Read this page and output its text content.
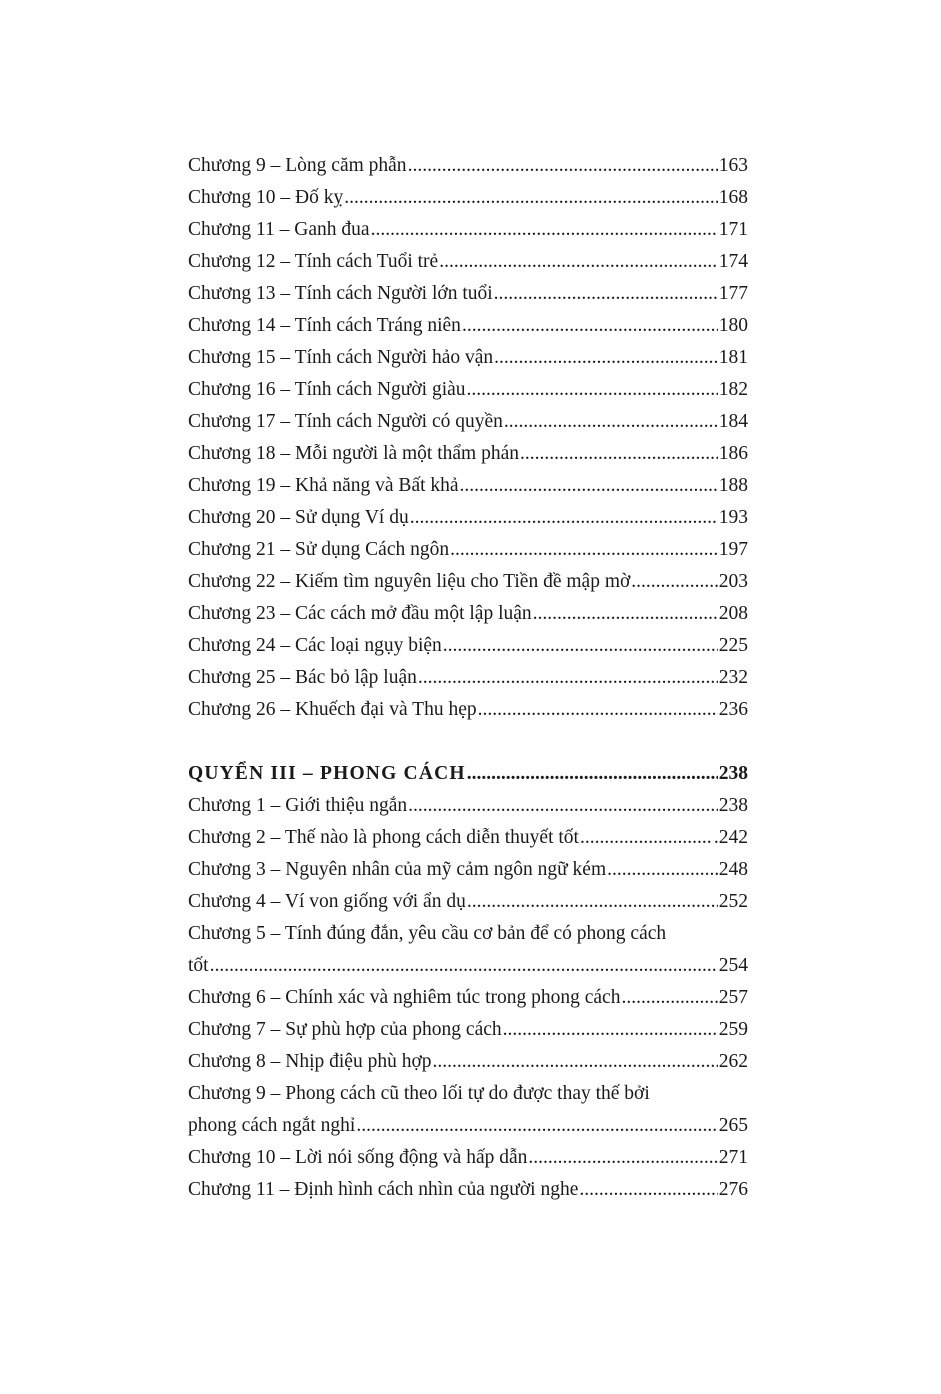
Chương 9 – Lòng căm phẫn .....	163
Chương 10 – Đố kỵ .....	168
Chương 11 – Ganh đua .....	171
Chương 12 – Tính cách Tuổi trẻ .....	174
Chương 13 – Tính cách Người lớn tuổi .....	177
Chương 14 – Tính cách Tráng niên .....	180
Chương 15 – Tính cách Người hảo vận .....	181
Chương 16 – Tính cách Người giàu .....	182
Chương 17 – Tính cách Người có quyền .....	184
Chương 18 – Mỗi người là một thẩm phán .....	186
Chương 19 – Khả năng và Bất khả .....	188
Chương 20 – Sử dụng Ví dụ .....	193
Chương 21 – Sử dụng Cách ngôn .....	197
Chương 22 – Kiếm tìm nguyên liệu cho Tiền đề mập mờ .....	203
Chương 23 – Các cách mở đầu một lập luận .....	208
Chương 24 – Các loại ngụy biện .....	225
Chương 25 – Bác bỏ lập luận .....	232
Chương 26 – Khuếch đại và Thu hẹp .....	236
QUYỂN III – PHONG CÁCH .....	238
Chương 1 – Giới thiệu ngắn .....	238
Chương 2 – Thế nào là phong cách diễn thuyết tốt .....	.242
Chương 3 – Nguyên nhân của mỹ cảm ngôn ngữ kém .....	248
Chương 4 – Ví von giống với ẩn dụ .....	252
Chương 5 – Tính đúng đắn, yêu cầu cơ bản để có phong cách
tốt .....	254
Chương 6 – Chính xác và nghiêm túc trong phong cách .....	257
Chương 7 – Sự phù hợp của phong cách .....	259
Chương 8 – Nhịp điệu phù hợp .....	262
Chương 9 – Phong cách cũ theo lối tự do được thay thế bởi
phong cách ngắt nghỉ .....	265
Chương 10 – Lời nói sống động và hấp dẫn .....	271
Chương 11 – Định hình cách nhìn của người nghe .....	276
